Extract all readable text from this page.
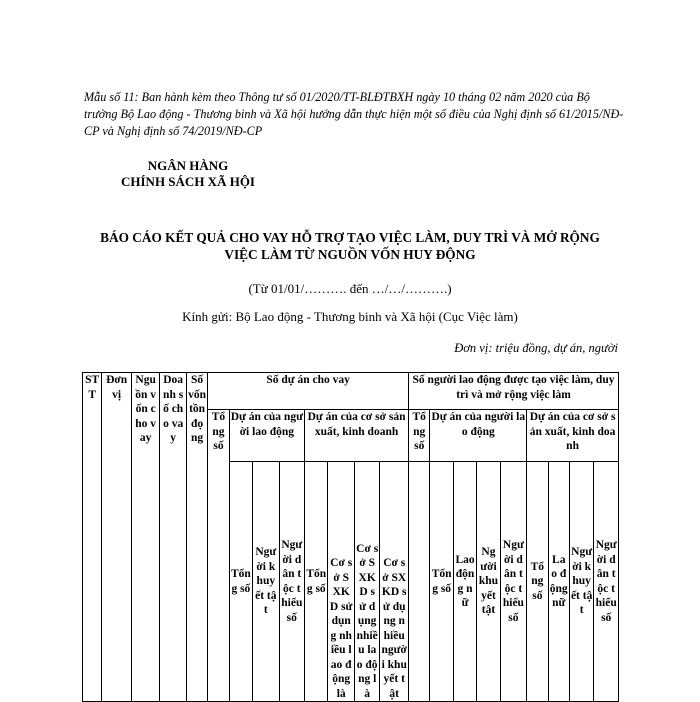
Mẫu số 11: Ban hành kèm theo Thông tư số 01/2020/TT-BLĐTBXH ngày 10 tháng 02 năm 2020 của Bộ trưởng Bộ Lao động - Thương binh và Xã hội hướng dẫn thực hiện một số điều của Nghị định số 61/2015/NĐ-CP và Nghị định số 74/2019/NĐ-CP

NGÂN HÀNG
CHÍNH SÁCH XÃ HỘI
BÁO CÁO KẾT QUẢ CHO VAY HỖ TRỢ TẠO VIỆC LÀM, DUY TRÌ VÀ MỞ RỘNG
VIỆC LÀM TỪ NGUỒN VỐN HUY ĐỘNG
(Từ 01/01/………. đến …/…/……….)
Kính gửi: Bộ Lao động - Thương binh và Xã hội (Cục Việc làm)
Đơn vị: triệu đồng, dự án, người
STT	Đơn vị	Nguồn vốn cho vay	Doanh số cho vay	Số vốn tồn đọng	Số dự án cho vay								Số người lao động được tạo việc làm, duy trì và mở rộng việc làm								
					Tổng số	Dự án của người lao động			Dự án của cơ sở sản xuất, kinh doanh				Tổng số	Dự án của người lao động				Dự án của cơ sở sản xuất, kinh doanh			
						Tổng số	Người khuyết tật	Người dân tộc thiểu số	Tổng số	Cơ sở SXKD sử dụng nhiều lao động là	Cơ sở SXKD sử dụng nhiều lao động là	Cơ sở SXKD sử dụng nhiều người khuyết tật		Tổng số	Lao động nữ	Người khuyết tật	Người dân tộc thiểu số	Tổng số	Lao động nữ	Người khuyết tật	Người dân tộc thiểu số
